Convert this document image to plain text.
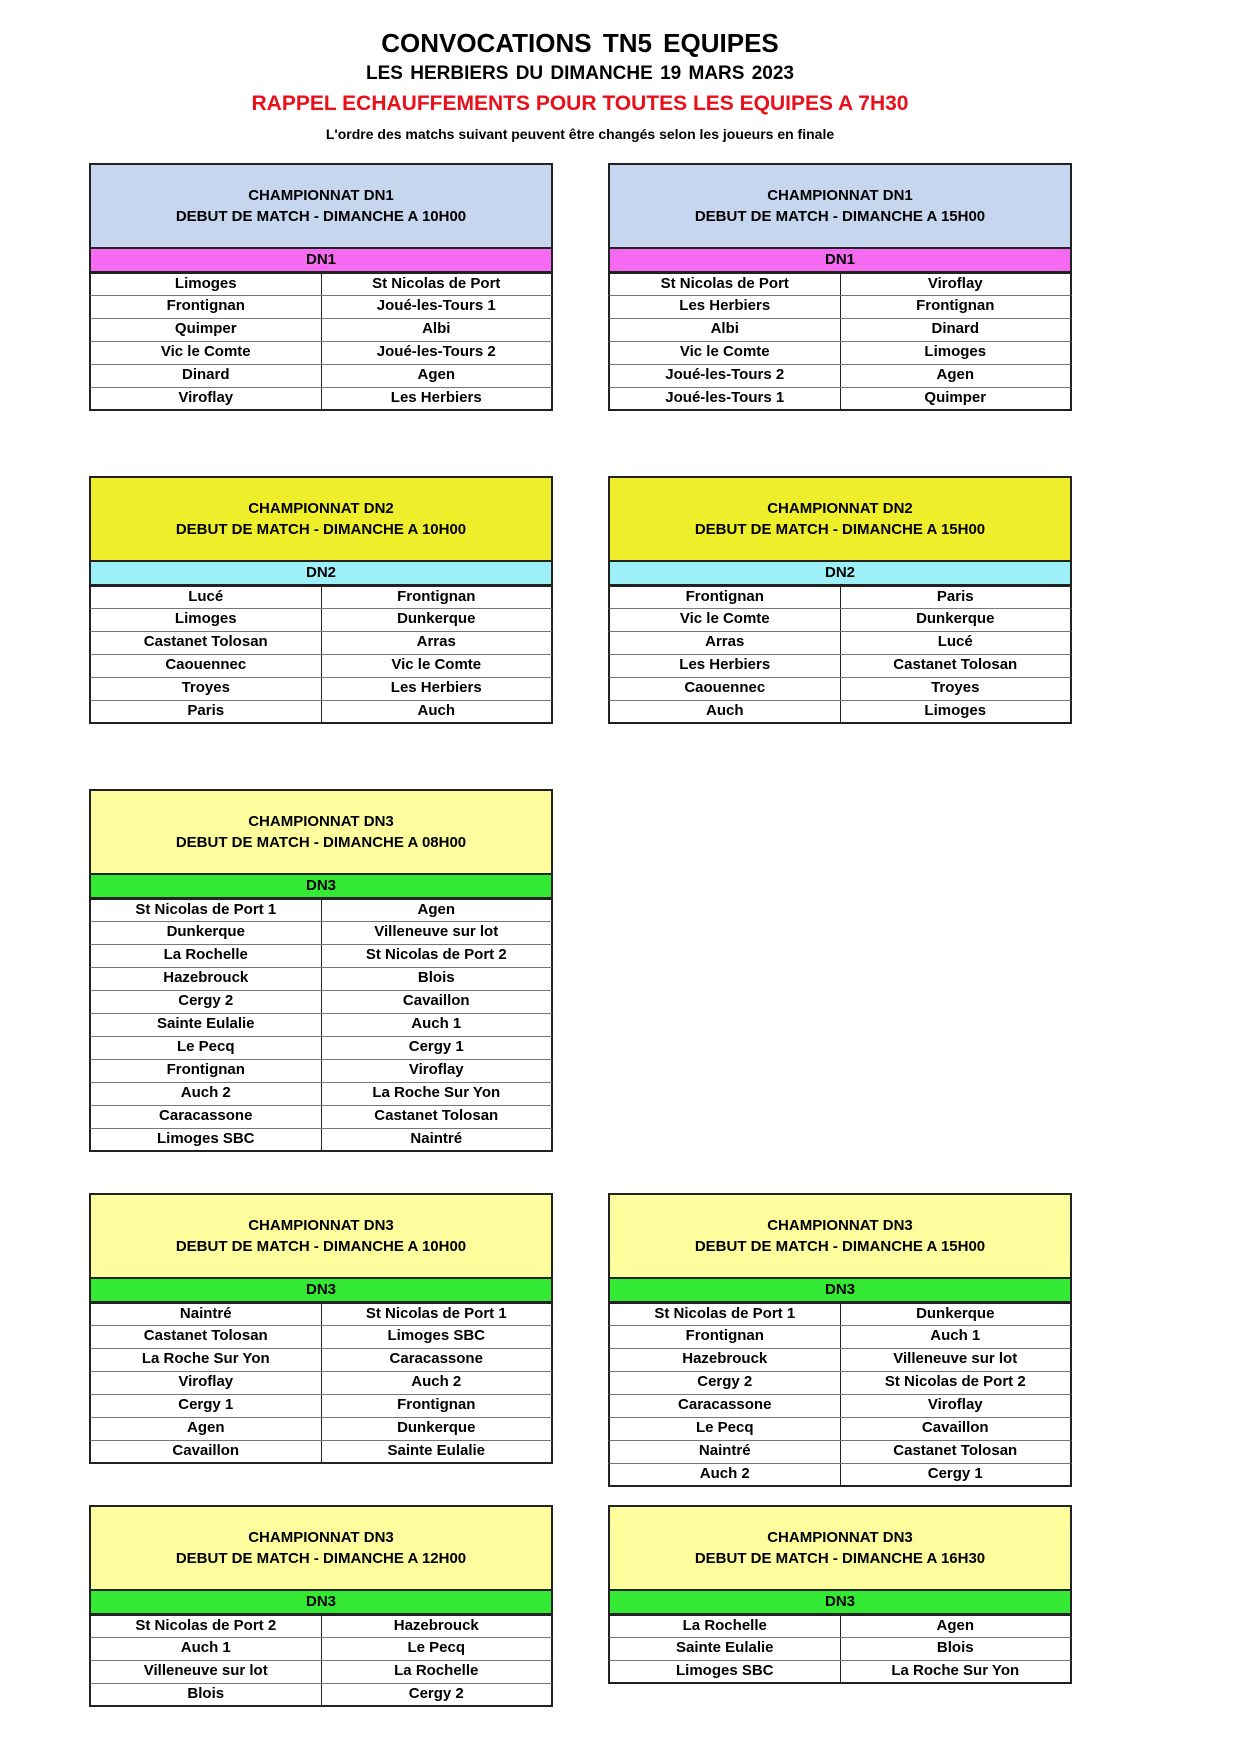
CONVOCATIONS TN5 EQUIPES
LES HERBIERS DU DIMANCHE 19 MARS 2023
RAPPEL ECHAUFFEMENTS POUR TOUTES LES EQUIPES A 7H30
L'ordre des matchs suivant peuvent être changés selon les joueurs en finale
CHAMPIONNAT DN1
DEBUT DE MATCH - DIMANCHE A 10H00
DN1
Limoges	St Nicolas de Port
Frontignan	Joué-les-Tours 1
Quimper	Albi
Vic le Comte	Joué-les-Tours 2
Dinard	Agen
Viroflay	Les Herbiers
CHAMPIONNAT DN1
DEBUT DE MATCH - DIMANCHE A 15H00
DN1
St Nicolas de Port	Viroflay
Les Herbiers	Frontignan
Albi	Dinard
Vic le Comte	Limoges
Joué-les-Tours 2	Agen
Joué-les-Tours 1	Quimper
CHAMPIONNAT DN2
DEBUT DE MATCH - DIMANCHE A 10H00
DN2
Lucé	Frontignan
Limoges	Dunkerque
Castanet Tolosan	Arras
Caouennec	Vic le Comte
Troyes	Les Herbiers
Paris	Auch
CHAMPIONNAT DN2
DEBUT DE MATCH - DIMANCHE A 15H00
DN2
Frontignan	Paris
Vic le Comte	Dunkerque
Arras	Lucé
Les Herbiers	Castanet Tolosan
Caouennec	Troyes
Auch	Limoges
CHAMPIONNAT DN3
DEBUT DE MATCH - DIMANCHE A 08H00
DN3
St Nicolas de Port 1	Agen
Dunkerque	Villeneuve sur lot
La Rochelle	St Nicolas de Port 2
Hazebrouck	Blois
Cergy 2	Cavaillon
Sainte Eulalie	Auch 1
Le Pecq	Cergy 1
Frontignan	Viroflay
Auch 2	La Roche Sur Yon
Caracassone	Castanet Tolosan
Limoges SBC	Naintré
CHAMPIONNAT DN3
DEBUT DE MATCH - DIMANCHE A 10H00
DN3
Naintré	St Nicolas de Port 1
Castanet Tolosan	Limoges SBC
La Roche Sur Yon	Caracassone
Viroflay	Auch 2
Cergy 1	Frontignan
Agen	Dunkerque
Cavaillon	Sainte Eulalie
CHAMPIONNAT DN3
DEBUT DE MATCH - DIMANCHE A 15H00
DN3
St Nicolas de Port 1	Dunkerque
Frontignan	Auch 1
Hazebrouck	Villeneuve sur lot
Cergy 2	St Nicolas de Port 2
Caracassone	Viroflay
Le Pecq	Cavaillon
Naintré	Castanet Tolosan
Auch 2	Cergy 1
CHAMPIONNAT DN3
DEBUT DE MATCH - DIMANCHE A 12H00
DN3
St Nicolas de Port 2	Hazebrouck
Auch 1	Le Pecq
Villeneuve sur lot	La Rochelle
Blois	Cergy 2
CHAMPIONNAT DN3
DEBUT DE MATCH - DIMANCHE A 16H30
DN3
La Rochelle	Agen
Sainte Eulalie	Blois
Limoges SBC	La Roche Sur Yon
